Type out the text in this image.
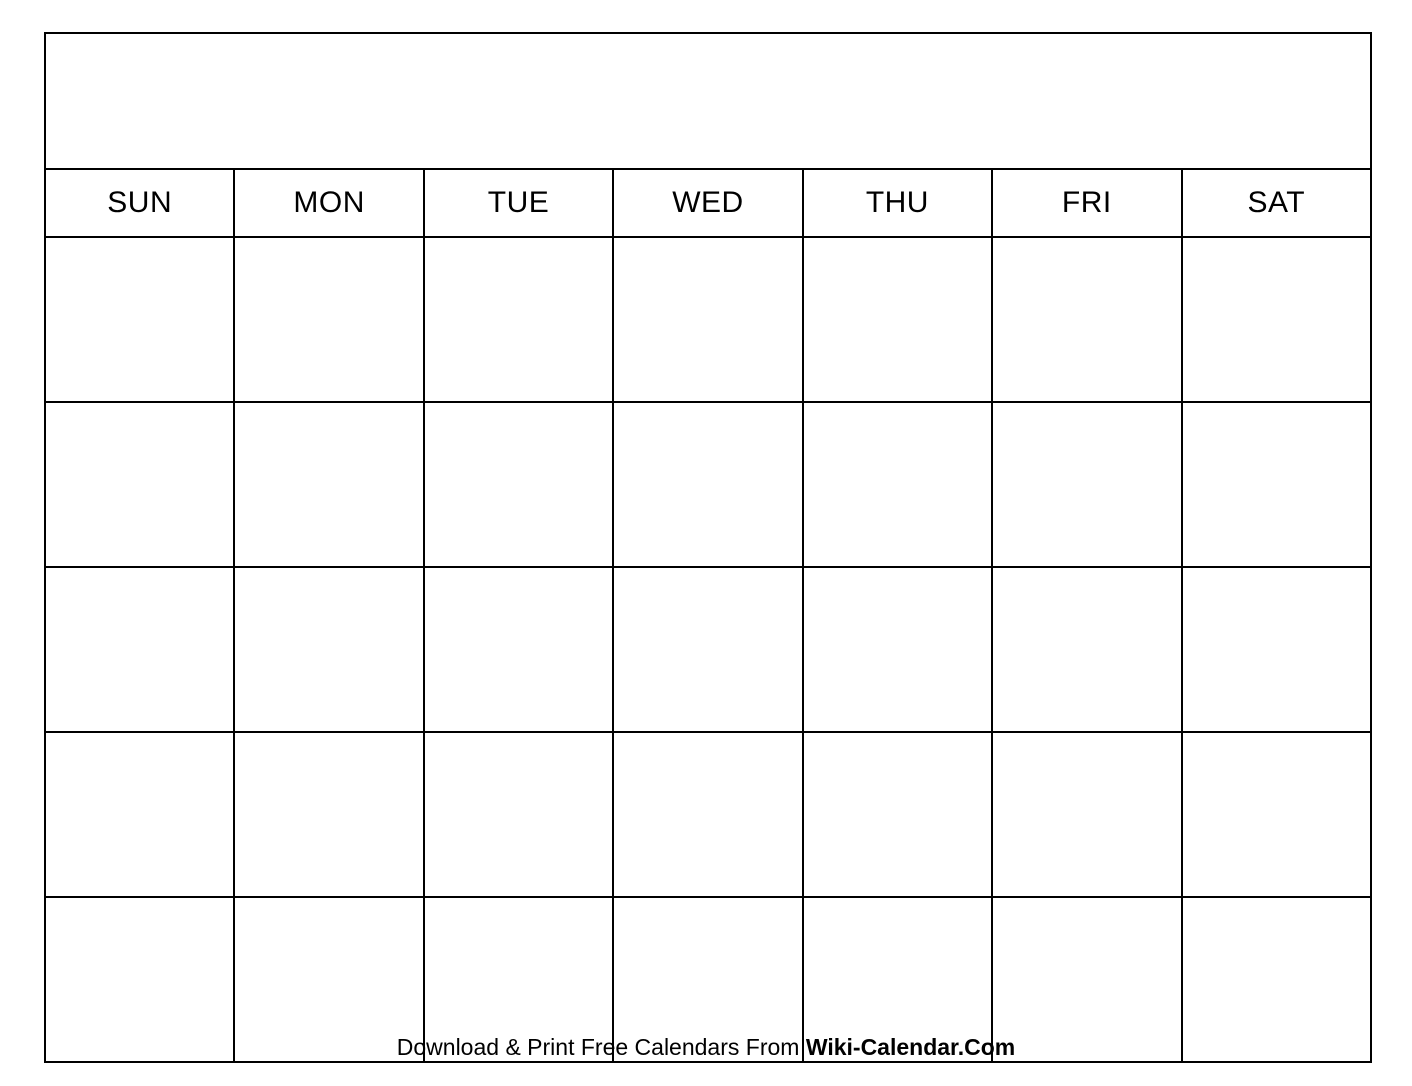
SUN	MON	TUE	WED	THU	FRI	SAT

Download & Print Free Calendars From Wiki-Calendar.Com
